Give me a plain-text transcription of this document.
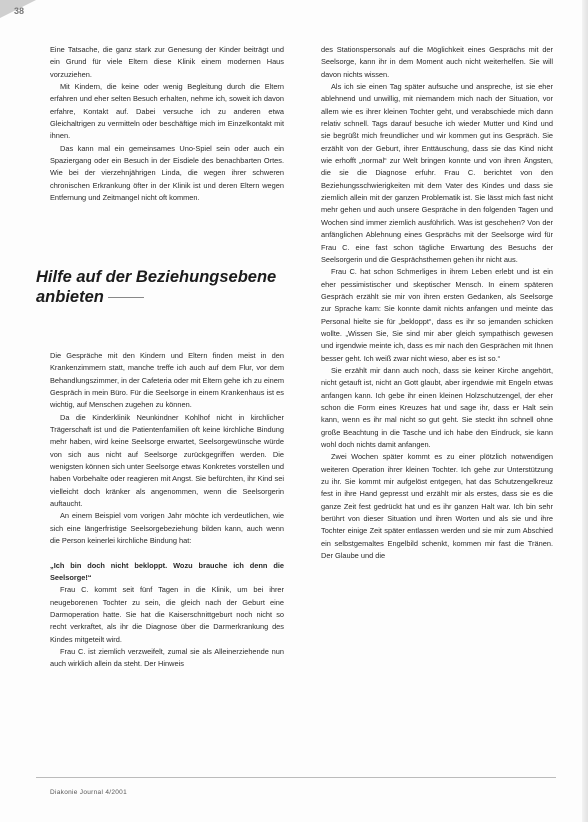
38

Eine Tatsache, die ganz stark zur Genesung der Kinder beiträgt und ein Grund für viele Eltern diese Klinik einem modernen Haus vorzuziehen.

Mit Kindern, die keine oder wenig Begleitung durch die Eltern erfahren und eher selten Besuch erhalten, nehme ich, soweit ich davon erfahre, Kontakt auf. Dabei versuche ich zu anderen etwa Gleichaltrigen zu vermitteln oder beschäftige mich im Einzelkontakt mit ihnen.

Das kann mal ein gemeinsames Uno-Spiel sein oder auch ein Spaziergang oder ein Besuch in der Eisdiele des benachbarten Ortes. Wie bei der vierzehnjährigen Linda, die wegen ihrer schweren chronischen Erkrankung öfter in der Klinik ist und deren Eltern wegen Entfernung und Zeitmangel nicht oft kommen.

Hilfe auf der Beziehungsebene anbieten

Die Gespräche mit den Kindern und Eltern finden meist in den Krankenzimmern statt, manche treffe ich auch auf dem Flur, vor dem Behandlungszimmer, in der Cafeteria oder mit Eltern gehe ich zu einem Gespräch in mein Büro. Für die Seelsorge in einem Krankenhaus ist es wichtig, auf Menschen zugehen zu können.

Da die Kinderklinik Neunkindner Kohlhof nicht in kirchlicher Trägerschaft ist und die Patientenfamilien oft keine kirchliche Bindung mehr haben, wird keine Seelsorge erwartet, Seelsorgewünsche würde von sich aus nicht auf Seelsorge zurückgegriffen werden. Die wenigsten können sich unter Seelsorge etwas Konkretes vorstellen und haben Vorbehalte oder reagieren mit Angst. Sie befürchten, ihr Kind sei vielleicht doch kränker als angenommen, wenn die Seelsorgerin auftaucht.

An einem Beispiel vom vorigen Jahr möchte ich verdeutlichen, wie sich eine längerfristige Seelsorgebeziehung bilden kann, auch wenn die Person keinerlei kirchliche Bindung hat:

„Ich bin doch nicht bekloppt. Wozu brauche ich denn die Seelsorge!“

Frau C. kommt seit fünf Tagen in die Klinik, um bei ihrer neugeborenen Tochter zu sein, die gleich nach der Geburt eine Darmoperation hatte. Sie hat die Kaiserschnittgeburt noch nicht so recht verkraftet, als ihr die Diagnose über die Darmerkrankung des Kindes mitgeteilt wird.

Frau C. ist ziemlich verzweifelt, zumal sie als Alleinerziehende nun auch wirklich allein da steht. Der Hinweis

des Stationspersonals auf die Möglichkeit eines Gesprächs mit der Seelsorge, kann ihr in dem Moment auch nicht weiterhelfen. Sie will davon nichts wissen.

Als ich sie einen Tag später aufsuche und anspreche, ist sie eher ablehnend und unwillig, mit niemandem mich nach der Situation, vor allem wie es ihrer kleinen Tochter geht, und verabschiede mich dann relativ schnell. Tags darauf besuche ich wieder Mutter und Kind und sie begrüßt mich freundlicher und wir kommen gut ins Gespräch. Sie erzählt von der Geburt, ihrer Enttäuschung, dass sie das Kind nicht wie erhofft „normal“ zur Welt bringen konnte und von ihren Ängsten, die sie die Diagnose erfuhr. Frau C. berichtet von den Beziehungsschwierigkeiten mit dem Vater des Kindes und dass sie ziemlich allein mit der ganzen Problematik ist. Sie lässt mich fast nicht mehr gehen und auch unsere Gespräche in den folgenden Tagen und Wochen sind immer ziemlich ausführlich. Was ist geschehen? Von der anfänglichen Ablehnung eines Gesprächs mit der Seelsorge wird für Frau C. eine fast schon tägliche Erwartung des Besuchs der Seelsorgerin und die Gesprächsthemen gehen ihr nicht aus.

Frau C. hat schon Schmerliges in ihrem Leben erlebt und ist ein eher pessimistischer und skeptischer Mensch. In einem späteren Gespräch erzählt sie mir von ihren ersten Gedanken, als Seelsorge zur Sprache kam: Sie konnte damit nichts anfangen und meinte das Personal hielte sie für „bekloppt“, dass es ihr so jemanden schicken wollte. „Wissen Sie, Sie sind mir aber gleich sympathisch gewesen und irgendwie meinte ich, dass es mir nach den Gesprächen mit Ihnen besser geht. Ich weiß zwar nicht wieso, aber es ist so.“

Sie erzählt mir dann auch noch, dass sie keiner Kirche angehört, nicht getauft ist, nicht an Gott glaubt, aber irgendwie mit Engeln etwas anfangen kann. Ich gebe ihr einen kleinen Holzschutzengel, der eher schon die Form eines Kreuzes hat und sage ihr, dass er Halt sein kann, wenn es ihr mal nicht so gut geht. Sie steckt ihn schnell ohne große Beachtung in die Tasche und ich habe den Eindruck, sie kann wohl doch nichts damit anfangen.

Zwei Wochen später kommt es zu einer plötzlich notwendigen weiteren Operation ihrer kleinen Tochter. Ich gehe zur Unterstützung zu ihr. Sie kommt mir aufgelöst entgegen, hat das Schutzengelkreuz fest in ihre Hand gepresst und erzählt mir als erstes, dass sie es die ganze Zeit fest gedrückt hat und es ihr ganzen Halt war. Ich bin sehr berührt von dieser Situation und ihren Worten und als sie und ihre Tochter einige Zeit später entlassen werden und sie mir zum Abschied ein selbstgemaltes Engelbild schenkt, kommen mir fast die Tränen. Der Glaube und die

Diakonie Journal 4/2001
